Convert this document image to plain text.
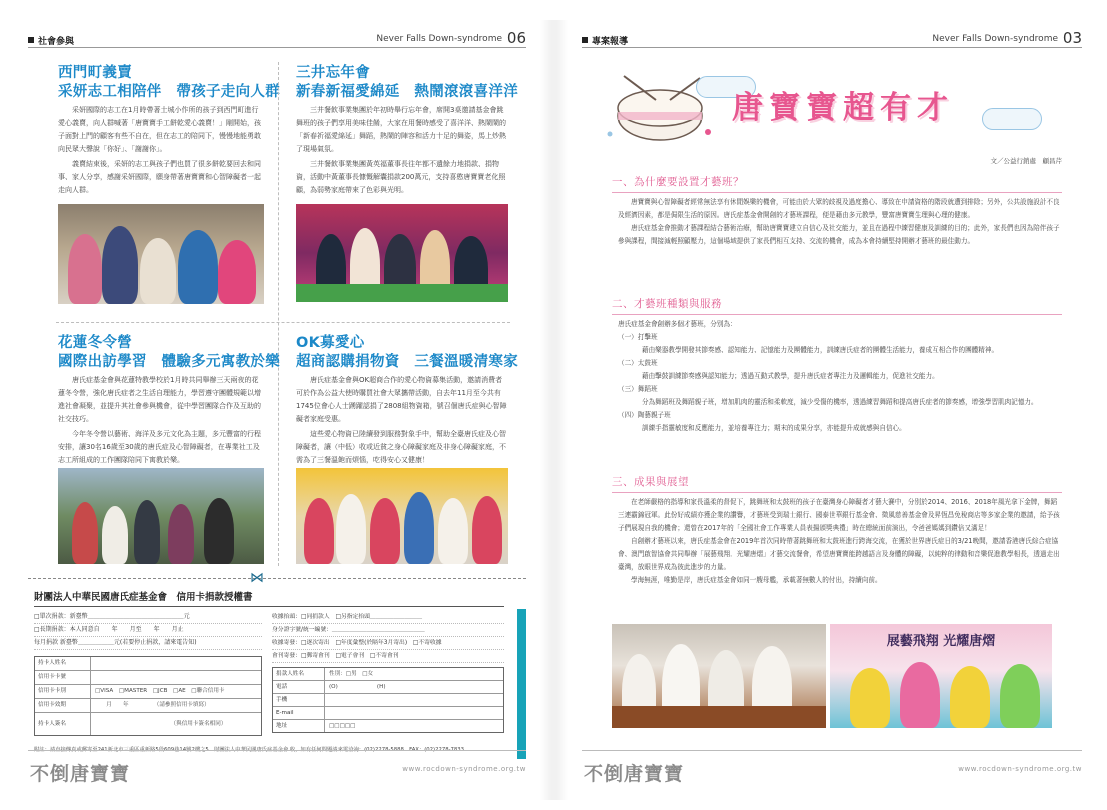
社會參與	Never Falls Down-syndrome 06
西門町義賣
采妍志工相陪伴　帶孩子走向人群

采妍國際的志工在1月時帶著土城小作所的孩子到西門町進行愛心義賣，向人群喊著「唐寶寶手工餅乾愛心義賣！」剛開始，孩子面對上門的顧客有些不自在，但在志工的陪同下，慢慢地能勇敢向民眾大聲說「你好」、「謝謝你」。

義賣結束後，采妍的志工與孩子們也買了很多餅乾要回去和同事、家人分享，感謝采妍國際，願身帶著唐寶寶和心智障礙者一起走向人群。

三井忘年會
新春新福愛綿延　熱鬧滾滾喜洋洋

三井餐飲事業集團於年初時舉行忘年會，席開3桌邀請基金會跳舞班的孩子們享用美味佳餚，大家在用餐時感受了喜洋洋、熱鬧鬧的「新春祈福愛綿延」舞蹈，熱鬧的陣容和活力十足的舞姿，馬上炒熱了現場氣氛。

三井餐飲事業集團黃英福董事長往年都不遺餘力地捐款、捐物資，活動中黃董事長慷慨解囊捐款200萬元，支持喜憨唐寶寶老化照顧，為弱勢家庭帶來了色彩與光明。

花蓮冬令營
國際出訪學習　體驗多元寓教於樂

唐氏症基金會與花蓮特教學校於1月時共同舉辦三天兩夜的花蓮冬令營，強化唐氏症者之生活自理能力，學習遵守團體規範以增進社會凝聚，並提升其社會參與機會，從中學習團隊合作及互助的社交技巧。

今年冬令營以藝術、海洋及多元文化為主題，多元豐富的行程安排，讓30名16歲至30歲的唐氏症及心智障礙者，在專業社工及志工所組成的工作團隊陪同下寓教於樂。

OK募愛心
超商認購捐物資　三餐溫暖清寒家

唐氏症基金會與OK超商合作的愛心物資募集活動，邀請消費者可於作為公益大使時購買社會大眾攜帶活動，自去年11月至今共有1745位會心人士踴躍認捐了2808組物資箱，號召個唐氏症與心智障礙者家庭受惠。

這些愛心物資已陸續發到服務對象手中，幫助全臺唐氏症及心智障礙者，讓（中低）收或近貧之身心障礙家庭及非身心障礙家庭，不需為了三餐溫飽而煩惱，吃得安心又健康！

⋈
財團法人中華民國唐氏症基金會　信用卡捐款授權書
□單次捐款：新臺幣＿＿＿＿＿＿＿＿＿＿＿＿＿＿＿＿元
□長期捐款：本人同意自　　年　　月至　　年　　月止
每月捐款 新臺幣＿＿＿＿＿＿元(若要停止捐款，請來電告知)
持卡人姓名
信用卡卡號
信用卡卡別	□VISA　□MASTER　□JCB　□AE　□聯合信用卡
信用卡效期	　　月　　年　　　　　（請參照信用卡填寫）
持卡人簽名	　　　　　　　　　　　　　　（與信用卡簽名相同）
收據抬頭：□同捐款人　□另指定抬頭＿＿＿＿＿＿＿＿＿
身分證字號/統一編號：＿＿＿＿＿＿＿＿＿＿＿＿＿＿＿＿
收據寄發：□逐次寄出　□年度彙整(於隔年3月寄出)　□不寄收據
會刊寄發：□郵寄會刊　□電子會刊　□不寄會刊
捐款人姓名	性別：□男　□女
電話	(O)　　　　　　　(H)
手機
E-mail
地址	□□□□□
附註：請直接傳真或郵寄至241新北市三重區重新路5段609巷14號2樓之5　財團法人中華民國唐氏症基金會 收，如有任何問題請來電洽詢：(02)2278-5888　FAX：(02)2278-7833
不倒唐寶寶	www.rocdown-syndrome.org.tw
專案報導	Never Falls Down-syndrome 03
唐寶寶超有才
文／公益行銷處　顧昌芹
一、為什麼要設置才藝班？

唐寶寶與心智障礙者經常無法享有休閒娛樂的機會，可能由於大眾的歧視及過度擔心、導致在申請資格的階段就遭到排除；另外，公共設施設計不良及經濟因素，都是侷限生活的原因。唐氏症基金會開創的才藝班課程，便是藉由多元教學，豐富唐寶寶生理與心理的健康。

唐氏症基金會推動才藝課程結合藝術治療，幫助唐寶寶建立自信心及社交能力，並且在過程中練習健康及訓練的目的；此外，家長們也因為陪伴孩子參與課程，間接減輕照顧壓力，這個場域提供了家長們相互支持、交流的機會，成為本會持續堅持開辦才藝班的最佳動力。

二、才藝班種類與服務

唐氏症基金會創辦多個才藝班，分別為：

（一）打擊班

藉由樂器教學開發其節奏感、認知能力、記憶能力及團體能力，訓練唐氏症者的團體生活能力，養成互相合作的團體精神。

（二）太鼓班

藉由擊鼓訓練節奏感與認知能力；透過互動式教學，提升唐氏症者專注力及邏輯能力，促進社交能力。

（三）舞蹈班

分為舞蹈班及舞蹈親子班，增加肌肉的靈活和柔軟度，減少受傷的機率，透過練習舞蹈和提高唐氏症者的節奏感，增強學習肌肉記憶力。

（四）陶藝親子班

訓練手指靈敏度和反應能力，並培養專注力；期末的成果分享，亦能提升成就感與自信心。

三、成果與展望

在老師嚴格的指導和家長溫柔的督促下，跳舞班和太鼓班的孩子在臺灣身心障礙者才藝大賽中，分別於2014、2016、2018年風光拿下金牌，舞蹈三連霸錦冠軍。此份好成績亦獲企業的讚譽，才藝班受到瑞士銀行、國泰世華銀行基金會、徵風慈善基金會及昇恆昌免稅商店等多家企業的邀請，給予孩子們展現自我的機會；還曾在2017年的「全國社會工作專業人員表揚頒獎典禮」時在總統面前演出，令爸爸媽媽到鑽倍又滿足！

自創辦才藝班以來，唐氏症基金會在2019年首次同時帶著跳舞班和太鼓班進行跨海交流，在獲於世界唐氏症日的3/21晚間，邀請香港唐氏綜合症協會、澳門啟智協會共同舉辦「展藝飛翔．光耀唐熠」才藝交流餐會，希望唐寶寶能跨越語言及身體的障礙，以純粹的律動和音樂促進教學相長，透過走出臺灣，放眼世界成為彼此進步的力量。

學海無涯，唯勤是岸，唐氏症基金會如同一艘母艦，承載著無數人的付出，持續向前。

展藝飛翔 光耀唐熠
不倒唐寶寶	www.rocdown-syndrome.org.tw
